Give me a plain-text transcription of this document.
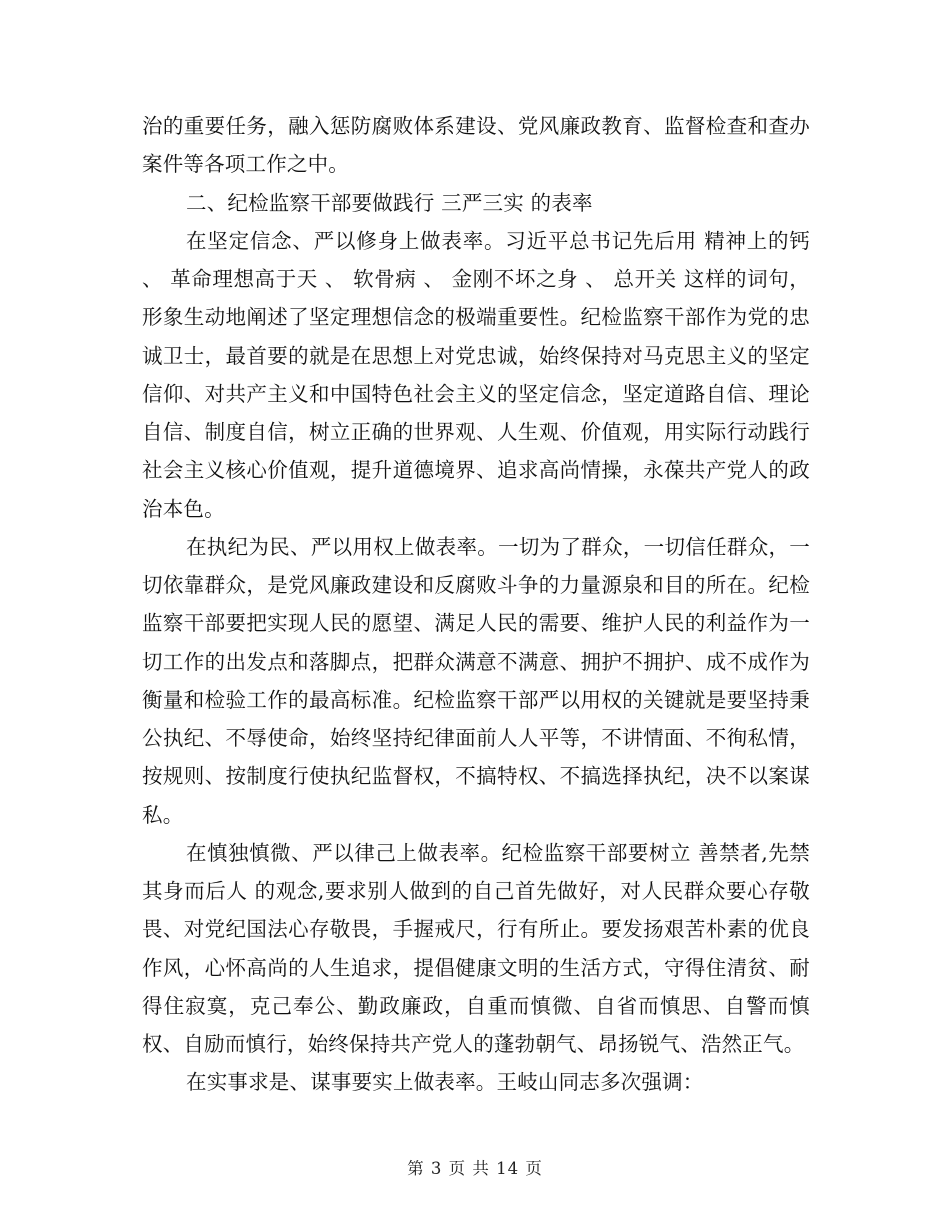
治的重要任务，融入惩防腐败体系建设、党风廉政教育、监督检查和查办案件等各项工作之中。

二、纪检监察干部要做践行 三严三实 的表率

在坚定信念、严以修身上做表率。习近平总书记先后用 精神上的钙 、 革命理想高于天 、 软骨病 、 金刚不坏之身 、 总开关 这样的词句，形象生动地阐述了坚定理想信念的极端重要性。纪检监察干部作为党的忠诚卫士，最首要的就是在思想上对党忠诚，始终保持对马克思主义的坚定信仰、对共产主义和中国特色社会主义的坚定信念，坚定道路自信、理论自信、制度自信，树立正确的世界观、人生观、价值观，用实际行动践行社会主义核心价值观，提升道德境界、追求高尚情操，永葆共产党人的政治本色。

在执纪为民、严以用权上做表率。一切为了群众，一切信任群众，一切依靠群众，是党风廉政建设和反腐败斗争的力量源泉和目的所在。纪检监察干部要把实现人民的愿望、满足人民的需要、维护人民的利益作为一切工作的出发点和落脚点，把群众满意不满意、拥护不拥护、成不成作为衡量和检验工作的最高标准。纪检监察干部严以用权的关键就是要坚持秉公执纪、不辱使命，始终坚持纪律面前人人平等，不讲情面、不徇私情，按规则、按制度行使执纪监督权，不搞特权、不搞选择执纪，决不以案谋私。

在慎独慎微、严以律己上做表率。纪检监察干部要树立 善禁者,先禁其身而后人 的观念,要求别人做到的自己首先做好，对人民群众要心存敬畏、对党纪国法心存敬畏，手握戒尺，行有所止。要发扬艰苦朴素的优良作风，心怀高尚的人生追求，提倡健康文明的生活方式，守得住清贫、耐得住寂寞，克己奉公、勤政廉政，自重而慎微、自省而慎思、自警而慎权、自励而慎行，始终保持共产党人的蓬勃朝气、昂扬锐气、浩然正气。

在实事求是、谋事要实上做表率。王岐山同志多次强调：

第 3 页 共 14 页
